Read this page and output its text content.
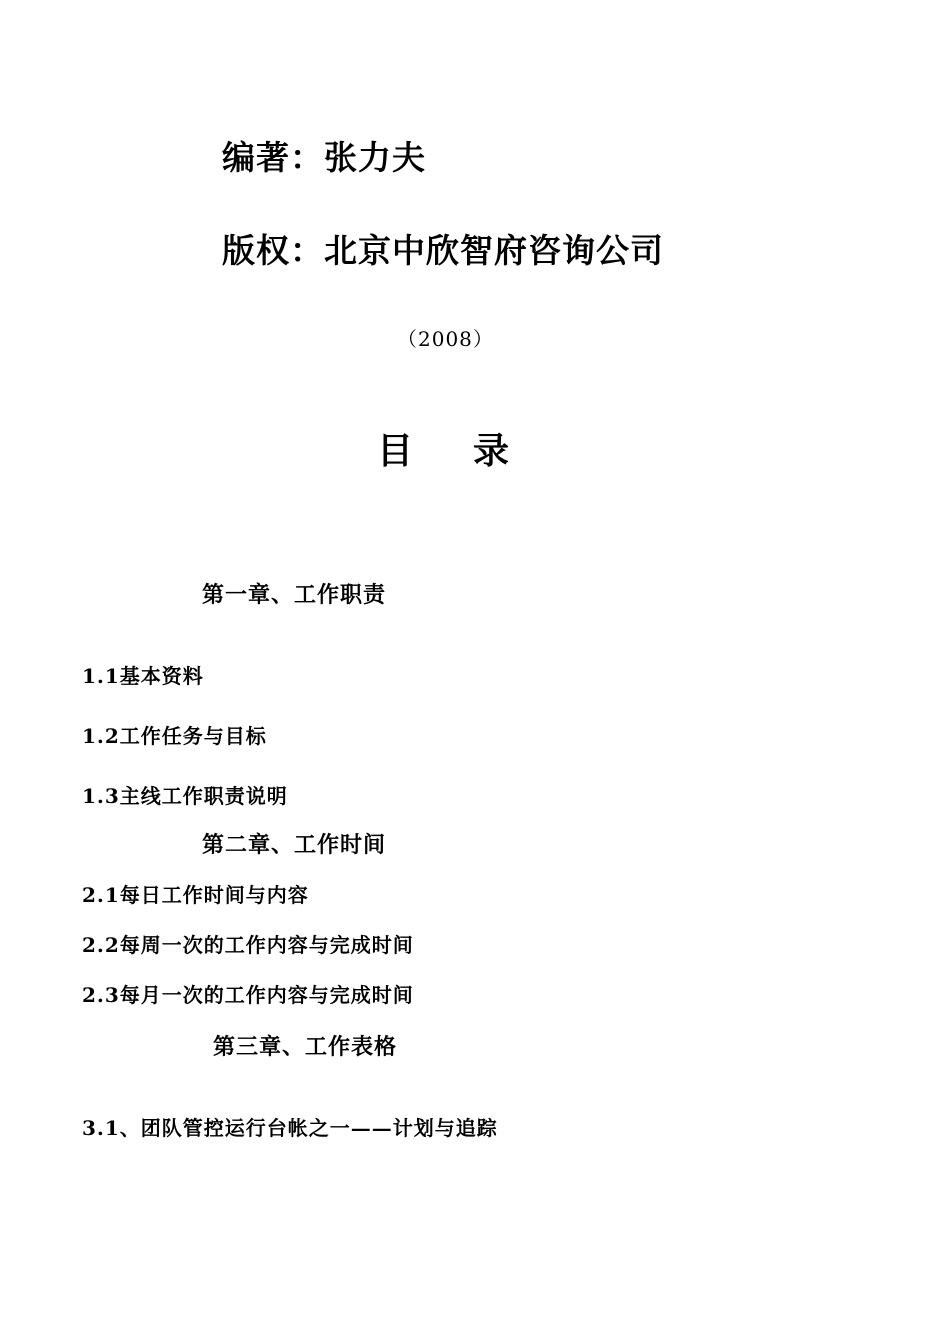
编著：张力夫
版权：北京中欣智府咨询公司
（2008）
目录
第一章、工作职责
1.1基本资料
1.2工作任务与目标
1.3主线工作职责说明
第二章、工作时间
2.1每日工作时间与内容
2.2每周一次的工作内容与完成时间
2.3每月一次的工作内容与完成时间
第三章、工作表格
3.1、团队管控运行台帐之一——计划与追踪
